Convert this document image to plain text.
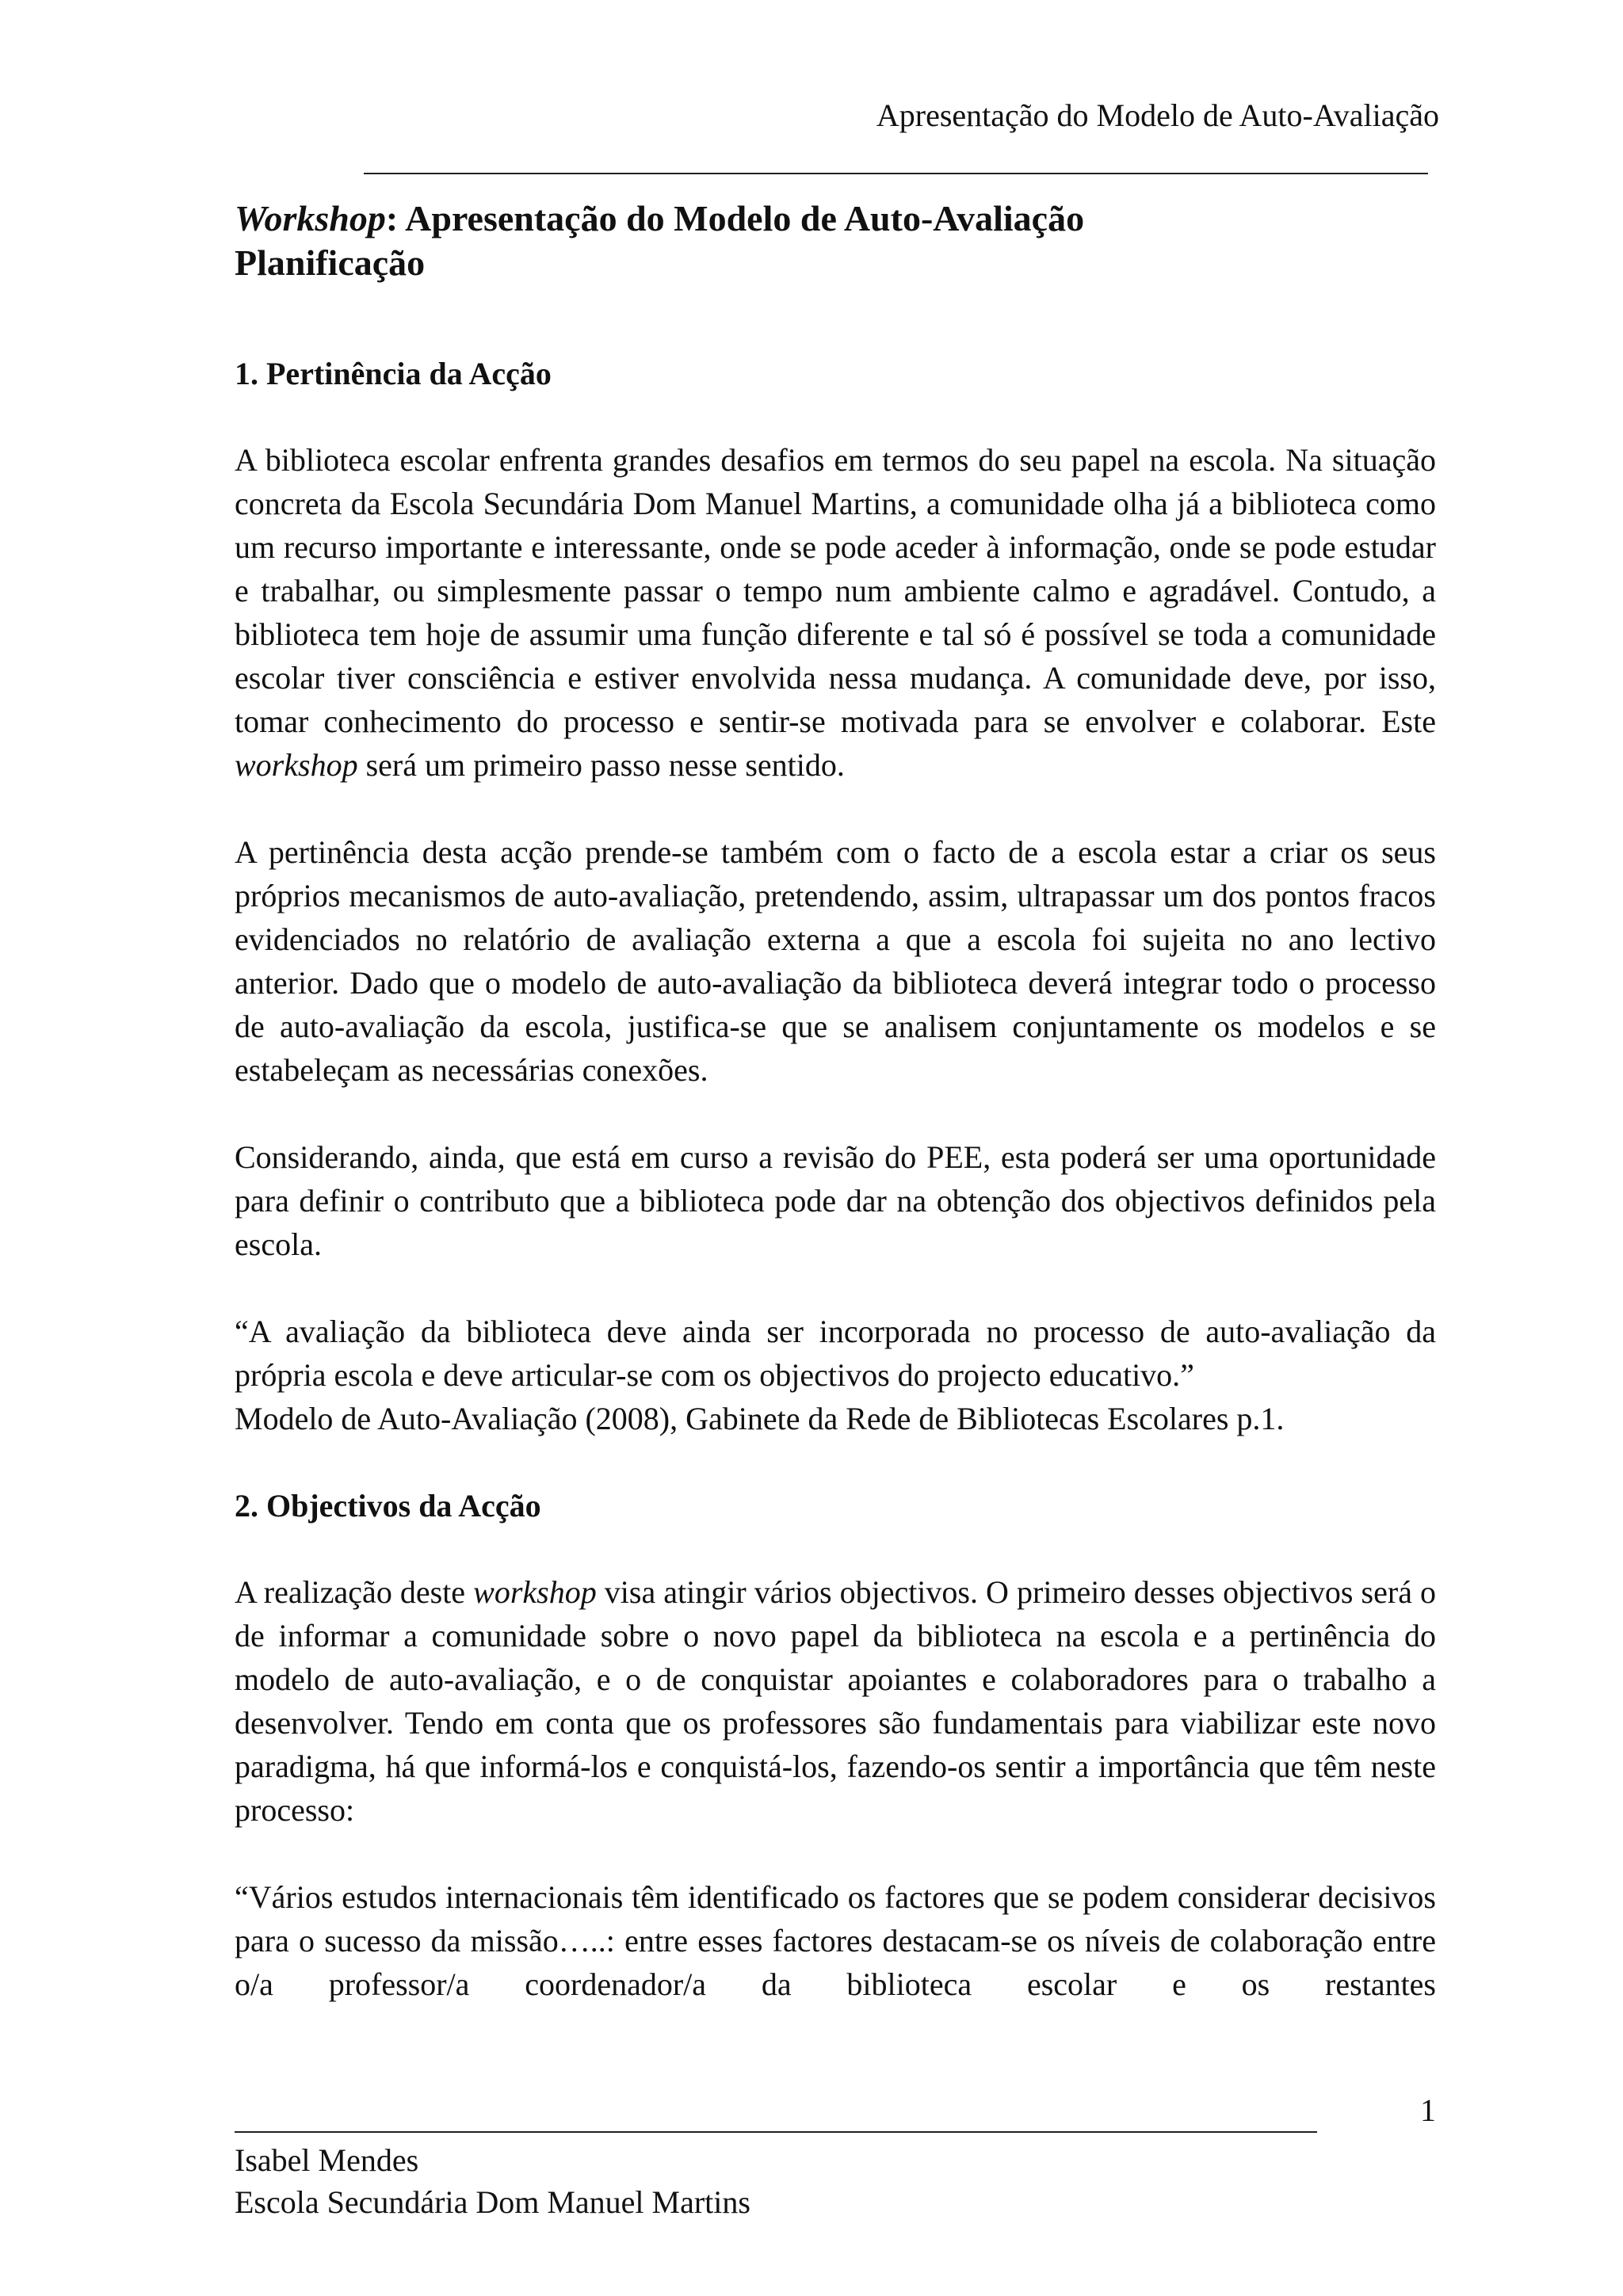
Apresentação do Modelo de Auto-Avaliação
Workshop: Apresentação do Modelo de Auto-Avaliação
Planificação
1. Pertinência da Acção

A biblioteca escolar enfrenta grandes desafios em termos do seu papel na escola. Na situação concreta da Escola Secundária Dom Manuel Martins, a comunidade olha já a biblioteca como um recurso importante e interessante, onde se pode aceder à informação, onde se pode estudar e trabalhar, ou simplesmente passar o tempo num ambiente calmo e agradável. Contudo, a biblioteca tem hoje de assumir uma função diferente e tal só é possível se toda a comunidade escolar tiver consciência e estiver envolvida nessa mudança. A comunidade deve, por isso, tomar conhecimento do processo e sentir-se motivada para se envolver e colaborar. Este workshop será um primeiro passo nesse sentido.

A pertinência desta acção prende-se também com o facto de a escola estar a criar os seus próprios mecanismos de auto-avaliação, pretendendo, assim, ultrapassar um dos pontos fracos evidenciados no relatório de avaliação externa a que a escola foi sujeita no ano lectivo anterior. Dado que o modelo de auto-avaliação da biblioteca deverá integrar todo o processo de auto-avaliação da escola, justifica-se que se analisem conjuntamente os modelos e se estabeleçam as necessárias conexões.

Considerando, ainda, que está em curso a revisão do PEE, esta poderá ser uma oportunidade para definir o contributo que a biblioteca pode dar na obtenção dos objectivos definidos pela escola.

“A avaliação da biblioteca deve ainda ser incorporada no processo de auto-avaliação da própria escola e deve articular-se com os objectivos do projecto educativo.”
Modelo de Auto-Avaliação (2008), Gabinete da Rede de Bibliotecas Escolares p.1.

2. Objectivos da Acção

A realização deste workshop visa atingir vários objectivos. O primeiro desses objectivos será o de informar a comunidade sobre o novo papel da biblioteca na escola e a pertinência do modelo de auto-avaliação, e o de conquistar apoiantes e colaboradores para o trabalho a desenvolver. Tendo em conta que os professores são fundamentais para viabilizar este novo paradigma, há que informá-los e conquistá-los, fazendo-os sentir a importância que têm neste processo:

“Vários estudos internacionais têm identificado os factores que se podem considerar decisivos para o sucesso da missão…..: entre esses factores destacam-se os níveis de colaboração entre o/a professor/a coordenador/a da biblioteca escolar e os restantes

1
Isabel Mendes
Escola Secundária Dom Manuel Martins
